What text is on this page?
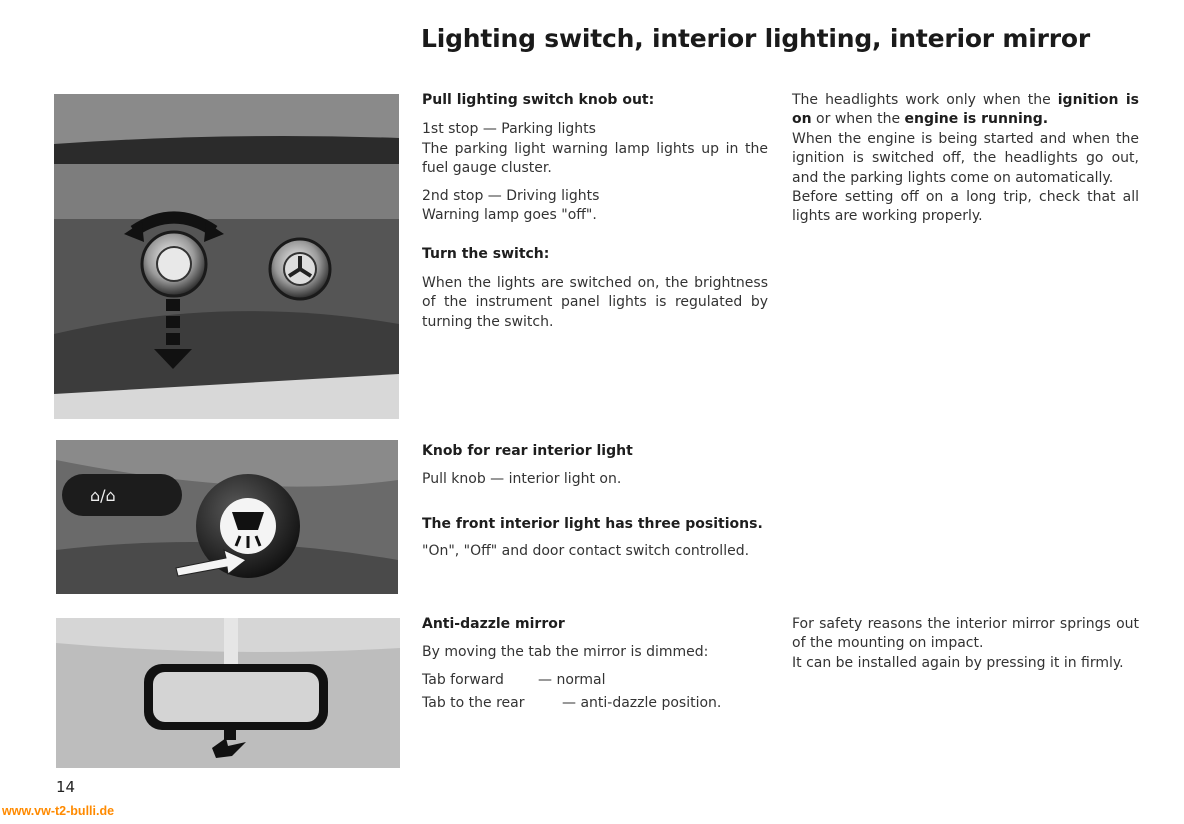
Lighting switch, interior lighting, interior mirror
⌂/⌂

Pull lighting switch knob out:

1st stop — Parking lights

The parking light warning lamp lights up in the fuel gauge cluster.

2nd stop — Driving lights

Warning lamp goes "off".

Turn the switch:

When the lights are switched on, the brightness of the instrument panel lights is regulated by turning the switch.

The headlights work only when the ignition is on or when the engine is running.

When the engine is being started and when the ignition is switched off, the headlights go out, and the parking lights come on automatically.

Before setting off on a long trip, check that all lights are working properly.

Knob for rear interior light

Pull knob — interior light on.

The front interior light has three positions.

"On", "Off" and door contact switch controlled.

Anti-dazzle mirror

By moving the tab the mirror is dimmed:

Tab forward — normal

Tab to the rear	— anti-dazzle position.

For safety reasons the interior mirror springs out of the mounting on impact.

It can be installed again by pressing it in firmly.

14
www.vw-t2-bulli.de
